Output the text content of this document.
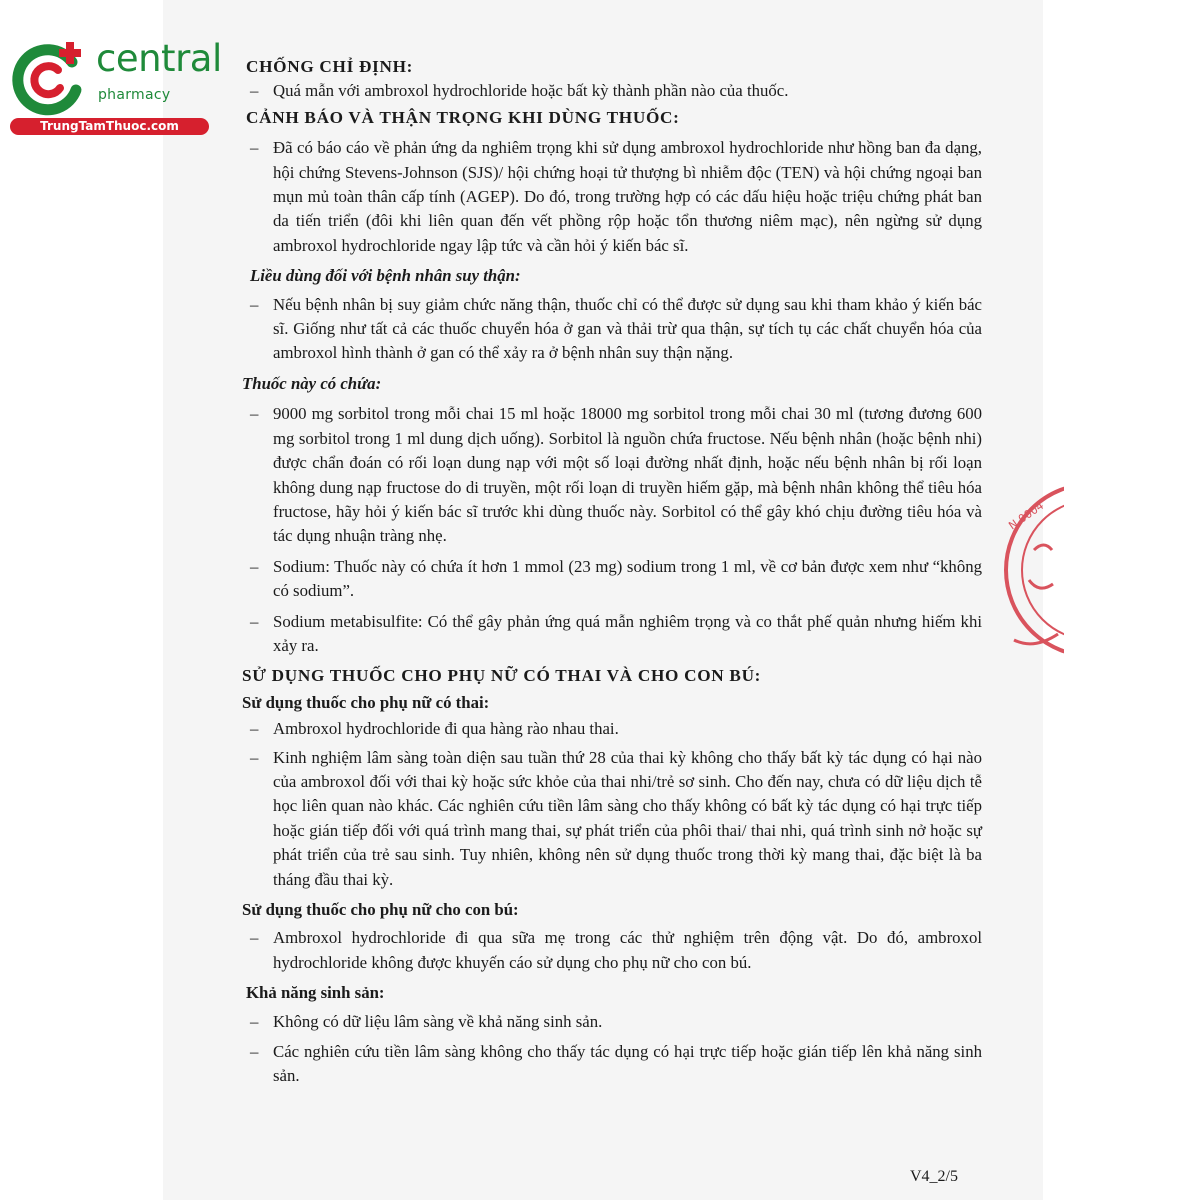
central
pharmacy
TrungTamThuoc.com
N.0004

CHỐNG CHỈ ĐỊNH:

– Quá mẫn với ambroxol hydrochloride hoặc bất kỳ thành phần nào của thuốc.

CẢNH BÁO VÀ THẬN TRỌNG KHI DÙNG THUỐC:

– Đã có báo cáo về phản ứng da nghiêm trọng khi sử dụng ambroxol hydrochloride như hồng ban đa dạng, hội chứng Stevens-Johnson (SJS)/ hội chứng hoại tử thượng bì nhiễm độc (TEN) và hội chứng ngoại ban mụn mủ toàn thân cấp tính (AGEP). Do đó, trong trường hợp có các dấu hiệu hoặc triệu chứng phát ban da tiến triển (đôi khi liên quan đến vết phồng rộp hoặc tổn thương niêm mạc), nên ngừng sử dụng ambroxol hydrochloride ngay lập tức và cần hỏi ý kiến bác sĩ.

Liều dùng đối với bệnh nhân suy thận:

– Nếu bệnh nhân bị suy giảm chức năng thận, thuốc chỉ có thể được sử dụng sau khi tham khảo ý kiến bác sĩ. Giống như tất cả các thuốc chuyển hóa ở gan và thải trừ qua thận, sự tích tụ các chất chuyển hóa của ambroxol hình thành ở gan có thể xảy ra ở bệnh nhân suy thận nặng.

Thuốc này có chứa:

– 9000 mg sorbitol trong mỗi chai 15 ml hoặc 18000 mg sorbitol trong mỗi chai 30 ml (tương đương 600 mg sorbitol trong 1 ml dung dịch uống). Sorbitol là nguồn chứa fructose. Nếu bệnh nhân (hoặc bệnh nhi) được chẩn đoán có rối loạn dung nạp với một số loại đường nhất định, hoặc nếu bệnh nhân bị rối loạn không dung nạp fructose do di truyền, một rối loạn di truyền hiếm gặp, mà bệnh nhân không thể tiêu hóa fructose, hãy hỏi ý kiến bác sĩ trước khi dùng thuốc này. Sorbitol có thể gây khó chịu đường tiêu hóa và tác dụng nhuận tràng nhẹ.

– Sodium: Thuốc này có chứa ít hơn 1 mmol (23 mg) sodium trong 1 ml, về cơ bản được xem như “không có sodium”.

– Sodium metabisulfite: Có thể gây phản ứng quá mẫn nghiêm trọng và co thắt phế quản nhưng hiếm khi xảy ra.

SỬ DỤNG THUỐC CHO PHỤ NỮ CÓ THAI VÀ CHO CON BÚ:

Sử dụng thuốc cho phụ nữ có thai:

– Ambroxol hydrochloride đi qua hàng rào nhau thai.

– Kinh nghiệm lâm sàng toàn diện sau tuần thứ 28 của thai kỳ không cho thấy bất kỳ tác dụng có hại nào của ambroxol đối với thai kỳ hoặc sức khỏe của thai nhi/trẻ sơ sinh. Cho đến nay, chưa có dữ liệu dịch tễ học liên quan nào khác. Các nghiên cứu tiền lâm sàng cho thấy không có bất kỳ tác dụng có hại trực tiếp hoặc gián tiếp đối với quá trình mang thai, sự phát triển của phôi thai/ thai nhi, quá trình sinh nở hoặc sự phát triển của trẻ sau sinh. Tuy nhiên, không nên sử dụng thuốc trong thời kỳ mang thai, đặc biệt là ba tháng đầu thai kỳ.

Sử dụng thuốc cho phụ nữ cho con bú:

– Ambroxol hydrochloride đi qua sữa mẹ trong các thử nghiệm trên động vật. Do đó, ambroxol hydrochloride không được khuyến cáo sử dụng cho phụ nữ cho con bú.

Khả năng sinh sản:

– Không có dữ liệu lâm sàng về khả năng sinh sản.

– Các nghiên cứu tiền lâm sàng không cho thấy tác dụng có hại trực tiếp hoặc gián tiếp lên khả năng sinh sản.

V4_2/5
